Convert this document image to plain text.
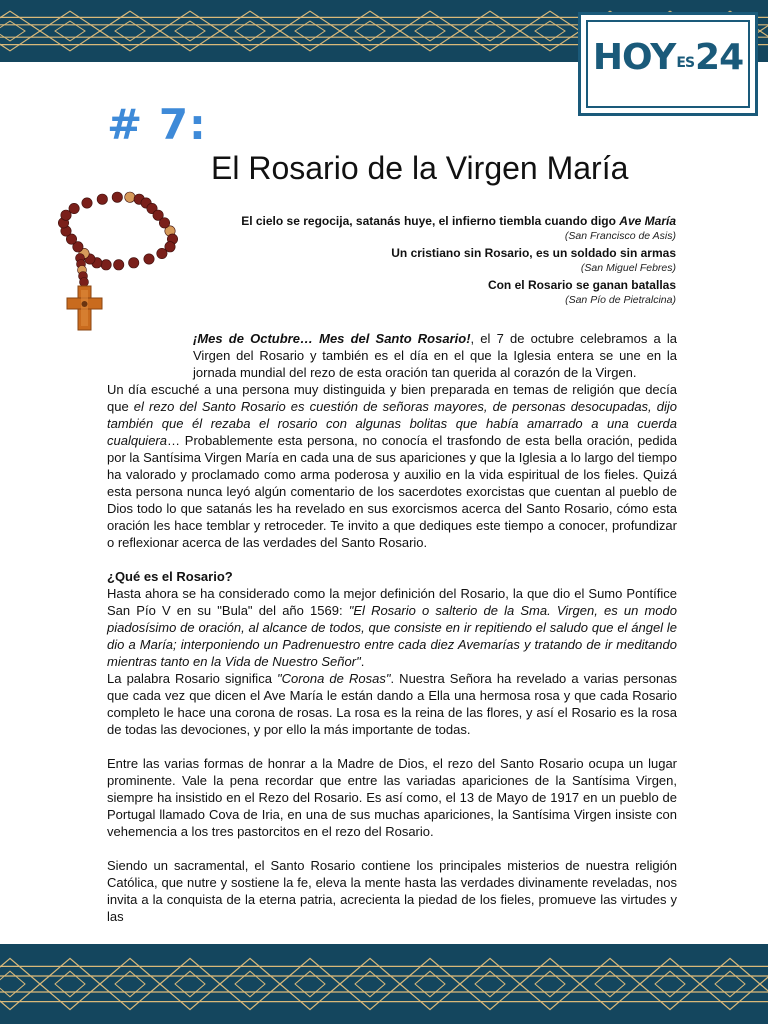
HOYES24
# 7:
El Rosario de la Virgen María

El cielo se regocija, satanás huye, el infierno tiembla cuando digo Ave María

(San Francisco de Asis)

Un cristiano sin Rosario, es un soldado sin armas

(San Miguel Febres)

Con el Rosario se ganan batallas

(San Pío de Pietralcina)

¡Mes de Octubre… Mes del Santo Rosario!, el 7 de octubre celebramos a la Virgen del Rosario y también es el día en el que la Iglesia entera se une en la jornada mundial del rezo de esta oración tan querida al corazón de la Virgen.

Un día escuché a una persona muy distinguida y bien preparada en temas de religión que decía que el rezo del Santo Rosario es cuestión de señoras mayores, de personas desocupadas, dijo también que él rezaba el rosario con algunas bolitas que había amarrado a una cuerda cualquiera… Probablemente esta persona, no conocía el trasfondo de esta bella oración, pedida por la Santísima Virgen María en cada una de sus apariciones y que la Iglesia a lo largo del tiempo ha valorado y proclamado como arma poderosa y auxilio en la vida espiritual de los fieles. Quizá esta persona nunca leyó algún comentario de los sacerdotes exorcistas que cuentan al pueblo de Dios todo lo que satanás les ha revelado en sus exorcismos acerca del Santo Rosario, cómo esta oración les hace temblar y retroceder. Te invito a que dediques este tiempo a conocer, profundizar o reflexionar acerca de las verdades del Santo Rosario.

¿Qué es el Rosario?

Hasta ahora se ha considerado como la mejor definición del Rosario, la que dio el Sumo Pontífice San Pío V en su "Bula" del año 1569: "El Rosario o salterio de la Sma. Virgen, es un modo piadosísimo de oración, al alcance de todos, que consiste en ir repitiendo el saludo que el ángel le dio a María; interponiendo un Padrenuestro entre cada diez Avemarías y tratando de ir meditando mientras tanto en la Vida de Nuestro Señor".

La palabra Rosario significa "Corona de Rosas". Nuestra Señora ha revelado a varias personas que cada vez que dicen el Ave María le están dando a Ella una hermosa rosa y que cada Rosario completo le hace una corona de rosas. La rosa es la reina de las flores, y así el Rosario es la rosa de todas las devociones, y por ello la más importante de todas.

Entre las varias formas de honrar a la Madre de Dios, el rezo del Santo Rosario ocupa un lugar prominente. Vale la pena recordar que entre las variadas apariciones de la Santísima Virgen, siempre ha insistido en el Rezo del Rosario. Es así como, el 13 de Mayo de 1917 en un pueblo de Portugal llamado Cova de Iria, en una de sus muchas apariciones, la Santísima Virgen insiste con vehemencia a los tres pastorcitos en el rezo del Rosario.

Siendo un sacramental, el Santo Rosario contiene los principales misterios de nuestra religión Católica, que nutre y sostiene la fe, eleva la mente hasta las verdades divinamente reveladas, nos invita a la conquista de la eterna patria, acrecienta la piedad de los fieles, promueve las virtudes y las
